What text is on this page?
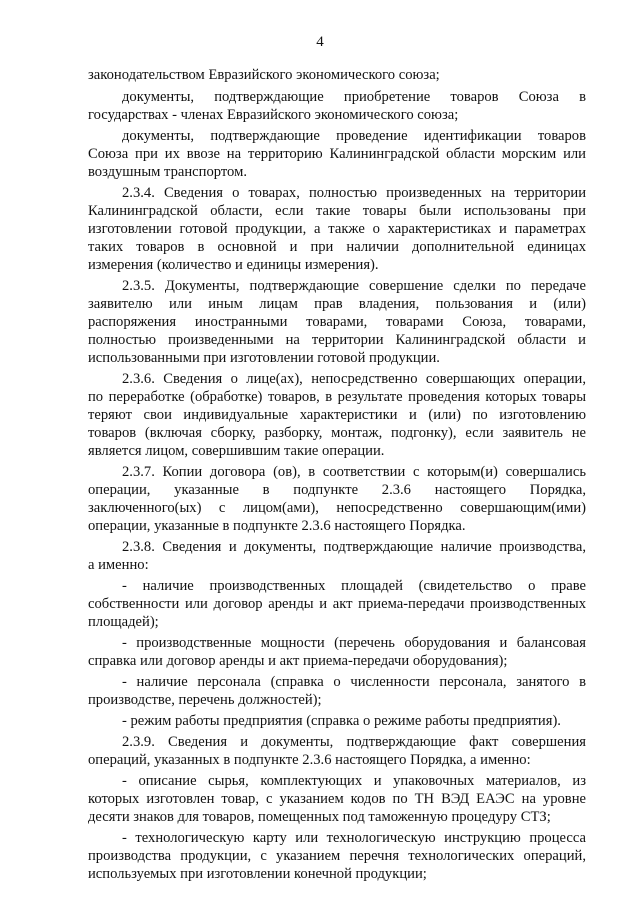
4
законодательством Евразийского экономического союза;
документы, подтверждающие приобретение товаров Союза в
государствах - членах Евразийского экономического союза;
документы, подтверждающие проведение идентификации товаров
Союза при их ввозе на территорию Калининградской области морским или
воздушным транспортом.
2.3.4. Сведения о товарах, полностью произведенных на территории
Калининградской области, если такие товары были использованы при
изготовлении готовой продукции, а также о характеристиках и параметрах
таких товаров в основной и при наличии дополнительной единицах
измерения (количество и единицы измерения).
2.3.5. Документы, подтверждающие совершение сделки по передаче
заявителю или иным лицам прав владения, пользования и (или)
распоряжения иностранными товарами, товарами Союза, товарами,
полностью произведенными на территории Калининградской области и
использованными при изготовлении готовой продукции.
2.3.6. Сведения о лице(ах), непосредственно совершающих операции,
по переработке (обработке) товаров, в результате проведения которых товары
теряют свои индивидуальные характеристики и (или) по изготовлению
товаров (включая сборку, разборку, монтаж, подгонку), если заявитель не
является лицом, совершившим такие операции.
2.3.7. Копии договора (ов), в соответствии с которым(и) совершались
операции, указанные в подпункте 2.3.6 настоящего Порядка,
заключенного(ых) с лицом(ами), непосредственно совершающим(ими)
операции, указанные в подпункте 2.3.6 настоящего Порядка.
2.3.8. Сведения и документы, подтверждающие наличие производства,
а именно:
- наличие производственных площадей (свидетельство о праве
собственности или договор аренды и акт приема-передачи производственных
площадей);
- производственные мощности (перечень оборудования и балансовая
справка или договор аренды и акт приема-передачи оборудования);
- наличие персонала (справка о численности персонала, занятого в
производстве, перечень должностей);
- режим работы предприятия (справка о режиме работы предприятия).
2.3.9. Сведения и документы, подтверждающие факт совершения
операций, указанных в подпункте 2.3.6 настоящего Порядка, а именно:
- описание сырья, комплектующих и упаковочных материалов, из
которых изготовлен товар, с указанием кодов по ТН ВЭД ЕАЭС на уровне
десяти знаков для товаров, помещенных под таможенную процедуру СТЗ;
- технологическую карту или технологическую инструкцию процесса
производства продукции, с указанием перечня технологических операций,
используемых при изготовлении конечной продукции;
